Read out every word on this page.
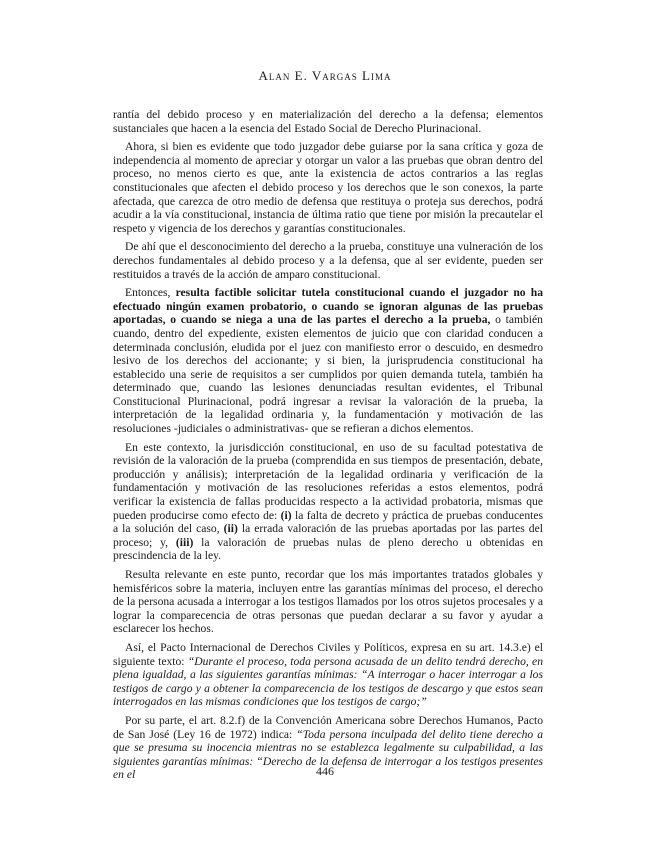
Alan E. Vargas Lima

rantía del debido proceso y en materialización del derecho a la defensa; elementos sustanciales que hacen a la esencia del Estado Social de Derecho Plurinacional.

Ahora, si bien es evidente que todo juzgador debe guiarse por la sana crítica y goza de independencia al momento de apreciar y otorgar un valor a las pruebas que obran dentro del proceso, no menos cierto es que, ante la existencia de actos contrarios a las reglas constitucionales que afecten el debido proceso y los derechos que le son conexos, la parte afectada, que carezca de otro medio de defensa que restituya o proteja sus derechos, podrá acudir a la vía constitucional, instancia de última ratio que tiene por misión la precautelar el respeto y vigencia de los derechos y garantías constitucionales.

De ahí que el desconocimiento del derecho a la prueba, constituye una vulneración de los derechos fundamentales al debido proceso y a la defensa, que al ser evidente, pueden ser restituidos a través de la acción de amparo constitucional.

Entonces, resulta factible solicitar tutela constitucional cuando el juzgador no ha efectuado ningún examen probatorio, o cuando se ignoran algunas de las pruebas aportadas, o cuando se niega a una de las partes el derecho a la prueba, o también cuando, dentro del expediente, existen elementos de juicio que con claridad conducen a determinada conclusión, eludida por el juez con manifiesto error o descuido, en desmedro lesivo de los derechos del accionante; y si bien, la jurisprudencia constitucional ha establecido una serie de requisitos a ser cumplidos por quien demanda tutela, también ha determinado que, cuando las lesiones denunciadas resultan evidentes, el Tribunal Constitucional Plurinacional, podrá ingresar a revisar la valoración de la prueba, la interpretación de la legalidad ordinaria y, la fundamentación y motivación de las resoluciones -judiciales o administrativas- que se refieran a dichos elementos.

En este contexto, la jurisdicción constitucional, en uso de su facultad potestativa de revisión de la valoración de la prueba (comprendida en sus tiempos de presentación, debate, producción y análisis); interpretación de la legalidad ordinaria y verificación de la fundamentación y motivación de las resoluciones referidas a estos elementos, podrá verificar la existencia de fallas producidas respecto a la actividad probatoria, mismas que pueden producirse como efecto de: (i) la falta de decreto y práctica de pruebas conducentes a la solución del caso, (ii) la errada valoración de las pruebas aportadas por las partes del proceso; y, (iii) la valoración de pruebas nulas de pleno derecho u obtenidas en prescindencia de la ley.

Resulta relevante en este punto, recordar que los más importantes tratados globales y hemisféricos sobre la materia, incluyen entre las garantías mínimas del proceso, el derecho de la persona acusada a interrogar a los testigos llamados por los otros sujetos procesales y a lograr la comparecencia de otras personas que puedan declarar a su favor y ayudar a esclarecer los hechos.

Así, el Pacto Internacional de Derechos Civiles y Políticos, expresa en su art. 14.3.e) el siguiente texto: “Durante el proceso, toda persona acusada de un delito tendrá derecho, en plena igualdad, a las siguientes garantías mínimas: “A interrogar o hacer interrogar a los testigos de cargo y a obtener la comparecencia de los testigos de descargo y que estos sean interrogados en las mismas condiciones que los testigos de cargo;”

Por su parte, el art. 8.2.f) de la Convención Americana sobre Derechos Humanos, Pacto de San José (Ley 16 de 1972) indica: “Toda persona inculpada del delito tiene derecho a que se presuma su inocencia mientras no se establezca legalmente su culpabilidad, a las siguientes garantías mínimas: “Derecho de la defensa de interrogar a los testigos presentes en el	446
